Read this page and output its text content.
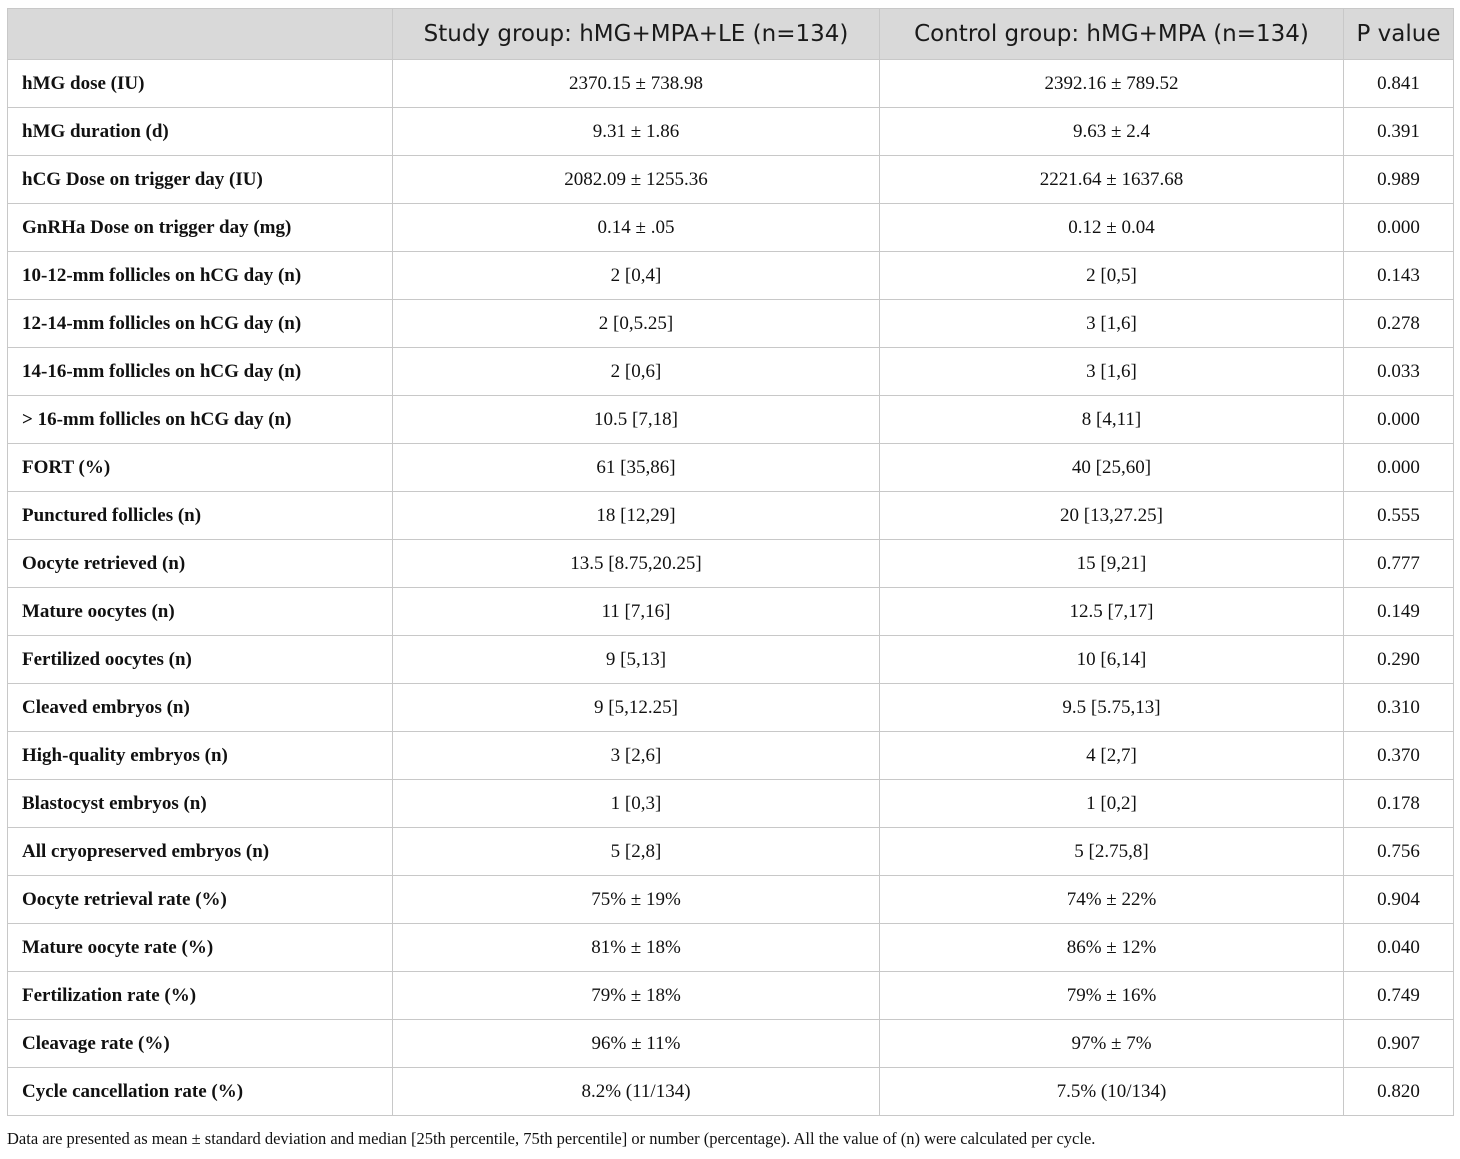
	Study group: hMG+MPA+LE (n=134)	Control group: hMG+MPA (n=134)	P value
hMG dose (IU)	2370.15 ± 738.98	2392.16 ± 789.52	0.841
hMG duration (d)	9.31 ± 1.86	9.63 ± 2.4	0.391
hCG Dose on trigger day (IU)	2082.09 ± 1255.36	2221.64 ± 1637.68	0.989
GnRHa Dose on trigger day (mg)	0.14 ± .05	0.12 ± 0.04	0.000
10-12-mm follicles on hCG day (n)	2 [0,4]	2 [0,5]	0.143
12-14-mm follicles on hCG day (n)	2 [0,5.25]	3 [1,6]	0.278
14-16-mm follicles on hCG day (n)	2 [0,6]	3 [1,6]	0.033
> 16-mm follicles on hCG day (n)	10.5 [7,18]	8 [4,11]	0.000
FORT (%)	61 [35,86]	40 [25,60]	0.000
Punctured follicles (n)	18 [12,29]	20 [13,27.25]	0.555
Oocyte retrieved (n)	13.5 [8.75,20.25]	15 [9,21]	0.777
Mature oocytes (n)	11 [7,16]	12.5 [7,17]	0.149
Fertilized oocytes (n)	9 [5,13]	10 [6,14]	0.290
Cleaved embryos (n)	9 [5,12.25]	9.5 [5.75,13]	0.310
High-quality embryos (n)	3 [2,6]	4 [2,7]	0.370
Blastocyst embryos (n)	1 [0,3]	1 [0,2]	0.178
All cryopreserved embryos (n)	5 [2,8]	5 [2.75,8]	0.756
Oocyte retrieval rate (%)	75% ± 19%	74% ± 22%	0.904
Mature oocyte rate (%)	81% ± 18%	86% ± 12%	0.040
Fertilization rate (%)	79% ± 18%	79% ± 16%	0.749
Cleavage rate (%)	96% ± 11%	97% ± 7%	0.907
Cycle cancellation rate (%)	8.2% (11/134)	7.5% (10/134)	0.820
Data are presented as mean ± standard deviation and median [25th percentile, 75th percentile] or number (percentage). All the value of (n) were calculated per cycle.
